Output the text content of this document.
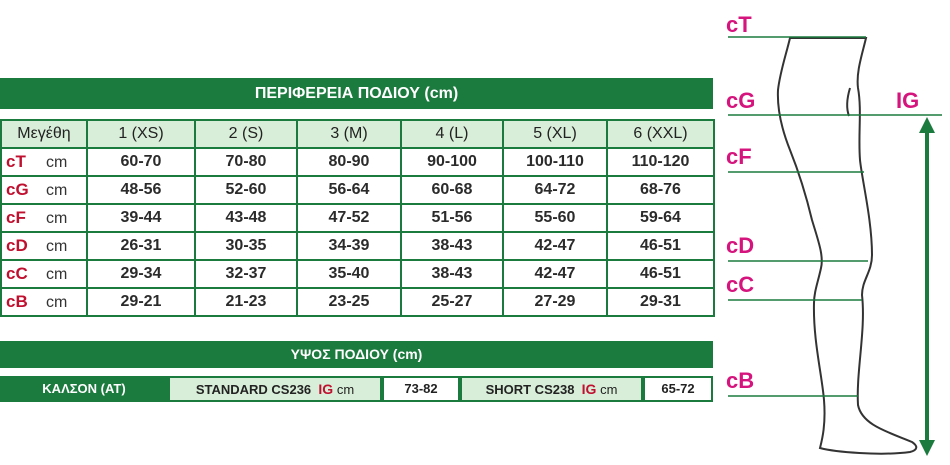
ΠΕΡΙΦΕΡΕΙΑ ΠΟΔΙΟΥ (cm)
Μεγέθη	1 (XS)	2 (S)	3 (M)	4 (L)	5 (XL)	6 (XXL)
cT cm	60-70	70-80	80-90	90-100	100-110	110-120
cG cm	48-56	52-60	56-64	60-68	64-72	68-76
cF cm	39-44	43-48	47-52	51-56	55-60	59-64
cD cm	26-31	30-35	34-39	38-43	42-47	46-51
cC cm	29-34	32-37	35-40	38-43	42-47	46-51
cB cm	29-21	21-23	23-25	25-27	27-29	29-31
ΥΨΟΣ ΠΟΔΙΟΥ (cm)
ΚΑΛΣΟΝ (AT)	STANDARD CS236 IG cm	73-82	SHORT CS238 IG cm	65-72
cT
cG
cF
cD
cC
cB
IG
